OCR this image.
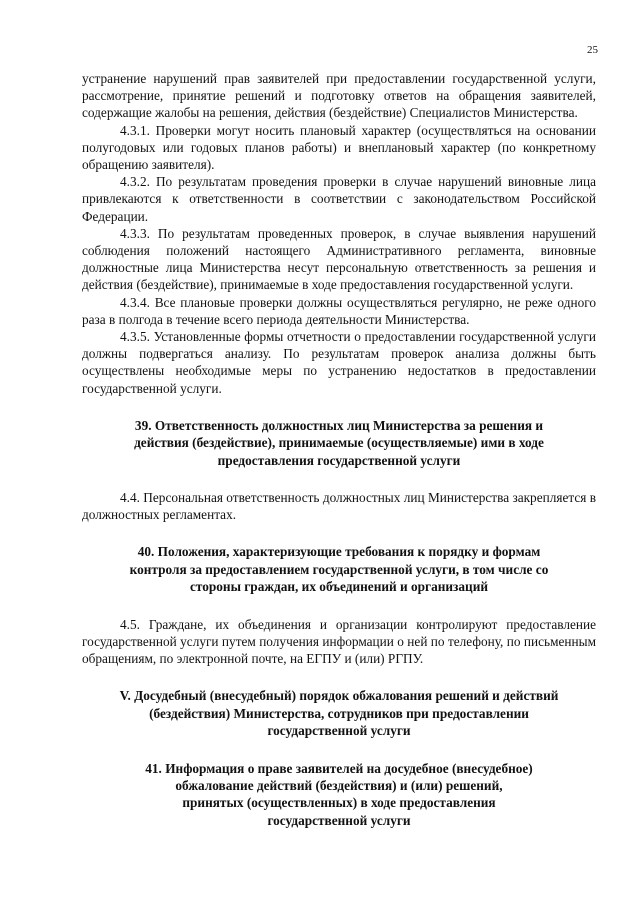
25

устранение нарушений прав заявителей при предоставлении государственной услуги, рассмотрение, принятие решений и подготовку ответов на обращения заявителей, содержащие жалобы на решения, действия (бездействие) Специалистов Министерства.

4.3.1. Проверки могут носить плановый характер (осуществляться на основании полугодовых или годовых планов работы) и внеплановый характер (по конкретному обращению заявителя).

4.3.2. По результатам проведения проверки в случае нарушений виновные лица привлекаются к ответственности в соответствии с законодательством Российской Федерации.

4.3.3. По результатам проведенных проверок, в случае выявления нарушений соблюдения положений настоящего Административного регламента, виновные должностные лица Министерства несут персональную ответственность за решения и действия (бездействие), принимаемые в ходе предоставления государственной услуги.

4.3.4. Все плановые проверки должны осуществляться регулярно, не реже одного раза в полгода в течение всего периода деятельности Министерства.

4.3.5. Установленные формы отчетности о предоставлении государственной услуги должны подвергаться анализу. По результатам проверок анализа должны быть осуществлены необходимые меры по устранению недостатков в предоставлении государственной услуги.

39. Ответственность должностных лиц Министерства за решения и
действия (бездействие), принимаемые (осуществляемые) ими в ходе
предоставления государственной услуги

4.4. Персональная ответственность должностных лиц Министерства закрепляется в должностных регламентах.

40. Положения, характеризующие требования к порядку и формам
контроля за предоставлением государственной услуги, в том числе со
стороны граждан, их объединений и организаций

4.5. Граждане, их объединения и организации контролируют предоставление государственной услуги путем получения информации о ней по телефону, по письменным обращениям, по электронной почте, на ЕГПУ и (или) РГПУ.

V. Досудебный (внесудебный) порядок обжалования решений и действий
(бездействия) Министерства, сотрудников при предоставлении
государственной услуги
41. Информация о праве заявителей на досудебное (внесудебное)
обжалование действий (бездействия) и (или) решений,
принятых (осуществленных) в ходе предоставления
государственной услуги
